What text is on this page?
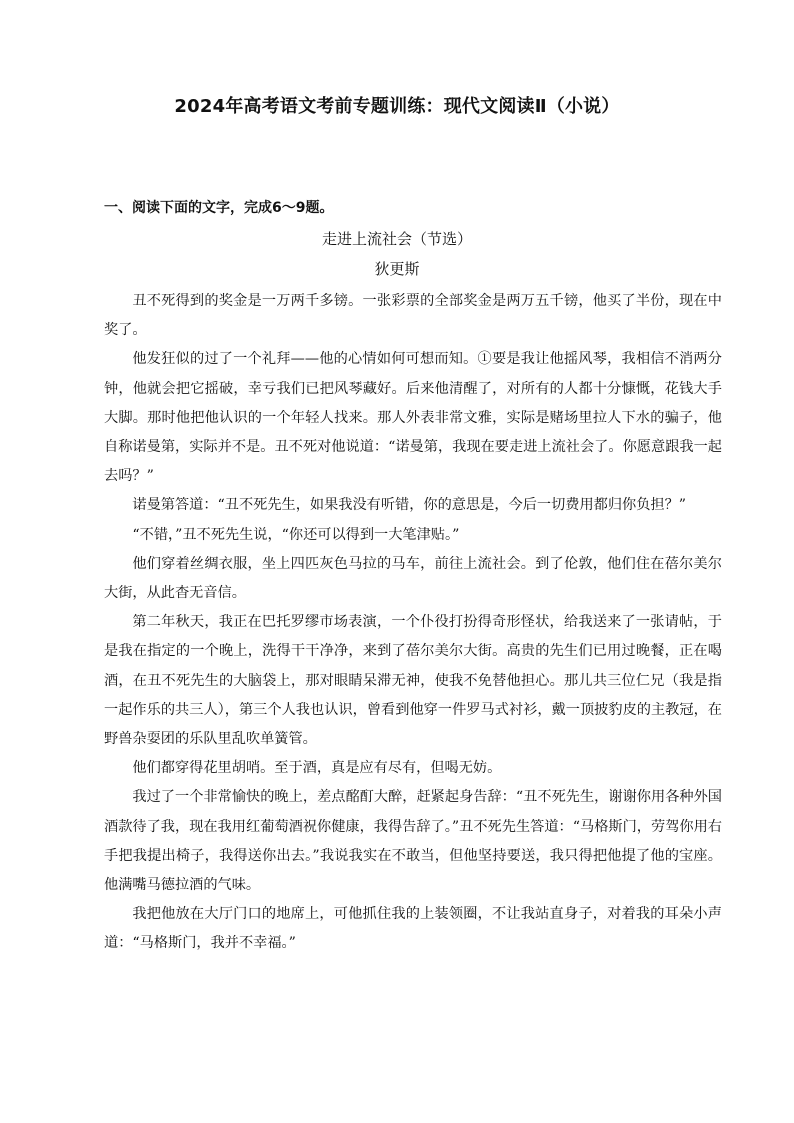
2024年高考语文考前专题训练：现代文阅读Ⅱ（小说）
一、阅读下面的文字，完成6～9题。
走进上流社会（节选）
狄更斯

丑不死得到的奖金是一万两千多镑。一张彩票的全部奖金是两万五千镑，他买了半份，现在中奖了。

他发狂似的过了一个礼拜——他的心情如何可想而知。①要是我让他摇风琴，我相信不消两分钟，他就会把它摇破，幸亏我们已把风琴藏好。后来他清醒了，对所有的人都十分慷慨，花钱大手大脚。那时他把他认识的一个年轻人找来。那人外表非常文雅，实际是赌场里拉人下水的骗子，他自称诺曼第，实际并不是。丑不死对他说道：“诺曼第，我现在要走进上流社会了。你愿意跟我一起去吗？”

诺曼第答道：“丑不死先生，如果我没有听错，你的意思是，今后一切费用都归你负担？”

“不错，”丑不死先生说，“你还可以得到一大笔津贴。”

他们穿着丝绸衣服，坐上四匹灰色马拉的马车，前往上流社会。到了伦敦，他们住在蓓尔美尔大街，从此杳无音信。

第二年秋天，我正在巴托罗缪市场表演，一个仆役打扮得奇形怪状，给我送来了一张请帖，于是我在指定的一个晚上，洗得干干净净，来到了蓓尔美尔大街。高贵的先生们已用过晚餐，正在喝酒，在丑不死先生的大脑袋上，那对眼睛呆滞无神，使我不免替他担心。那儿共三位仁兄（我是指一起作乐的共三人），第三个人我也认识，曾看到他穿一件罗马式衬衫，戴一顶披豹皮的主教冠，在野兽杂耍团的乐队里乱吹单簧管。

他们都穿得花里胡哨。至于酒，真是应有尽有，但喝无妨。

我过了一个非常愉快的晚上，差点酩酊大醉，赶紧起身告辞：“丑不死先生，谢谢你用各种外国酒款待了我，现在我用红葡萄酒祝你健康，我得告辞了。”丑不死先生答道：“马格斯门，劳驾你用右手把我提出椅子，我得送你出去。”我说我实在不敢当，但他坚持要送，我只得把他提了他的宝座。他满嘴马德拉酒的气味。

我把他放在大厅门口的地席上，可他抓住我的上装领圈，不让我站直身子，对着我的耳朵小声道：“马格斯门，我并不幸福。”
